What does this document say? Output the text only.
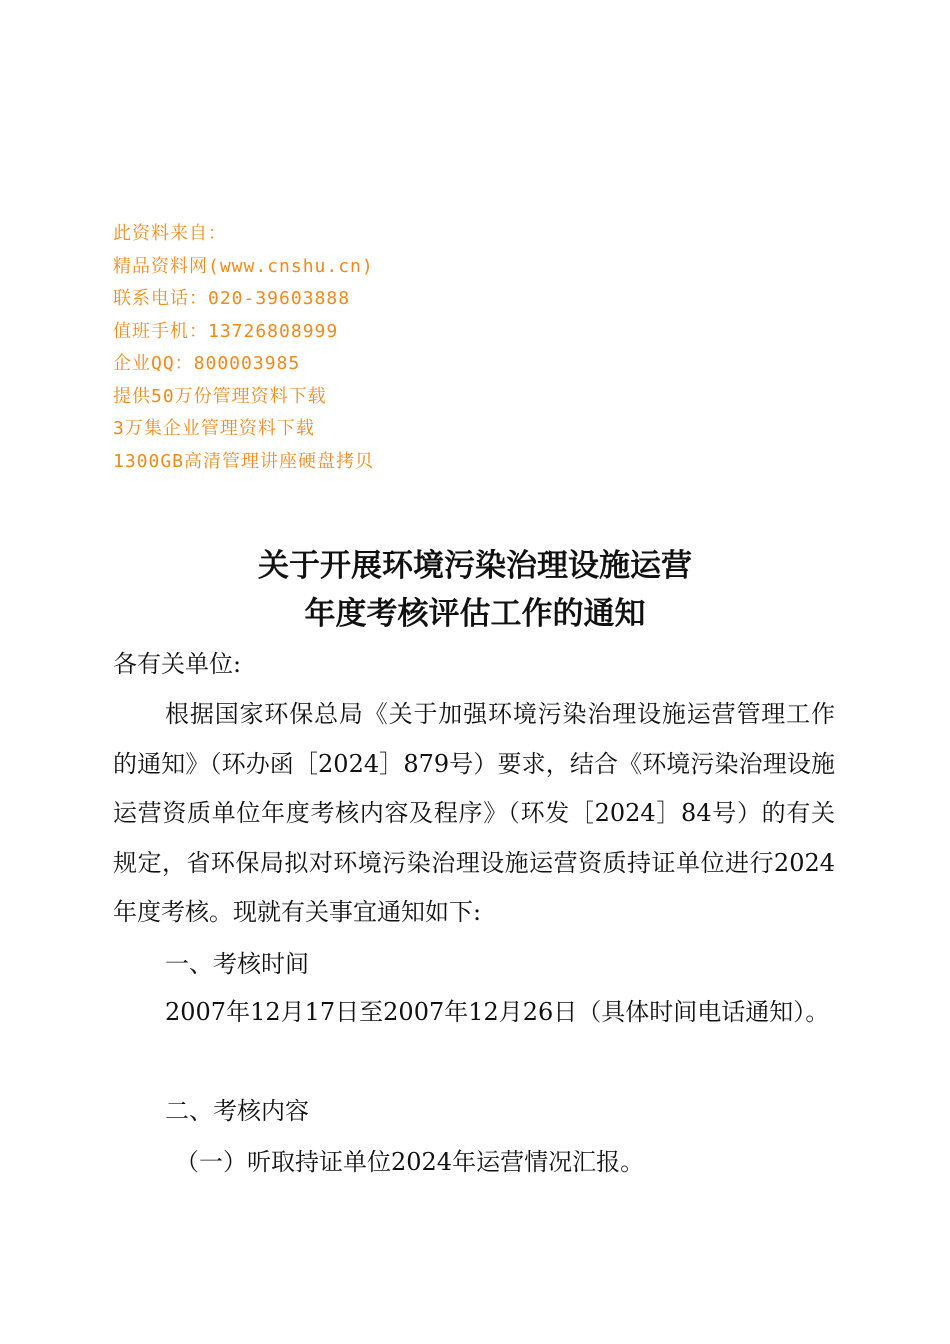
此资料来自：
精品资料网(www.cnshu.cn)
联系电话：020-39603888
值班手机：13726808999
企业QQ：800003985
提供50万份管理资料下载
3万集企业管理资料下载
1300GB高清管理讲座硬盘拷贝
关于开展环境污染治理设施运营
年度考核评估工作的通知
各有关单位:
根据国家环保总局《关于加强环境污染治理设施运营管理工作的通知》（环办函［2024］879号）要求，结合《环境污染治理设施运营资质单位年度考核内容及程序》（环发［2024］84号）的有关规定，省环保局拟对环境污染治理设施运营资质持证单位进行2024年度考核。现就有关事宜通知如下:
一、考核时间
2007年12月17日至2007年12月26日（具体时间电话通知）。
二、考核内容
（一）听取持证单位2024年运营情况汇报。
